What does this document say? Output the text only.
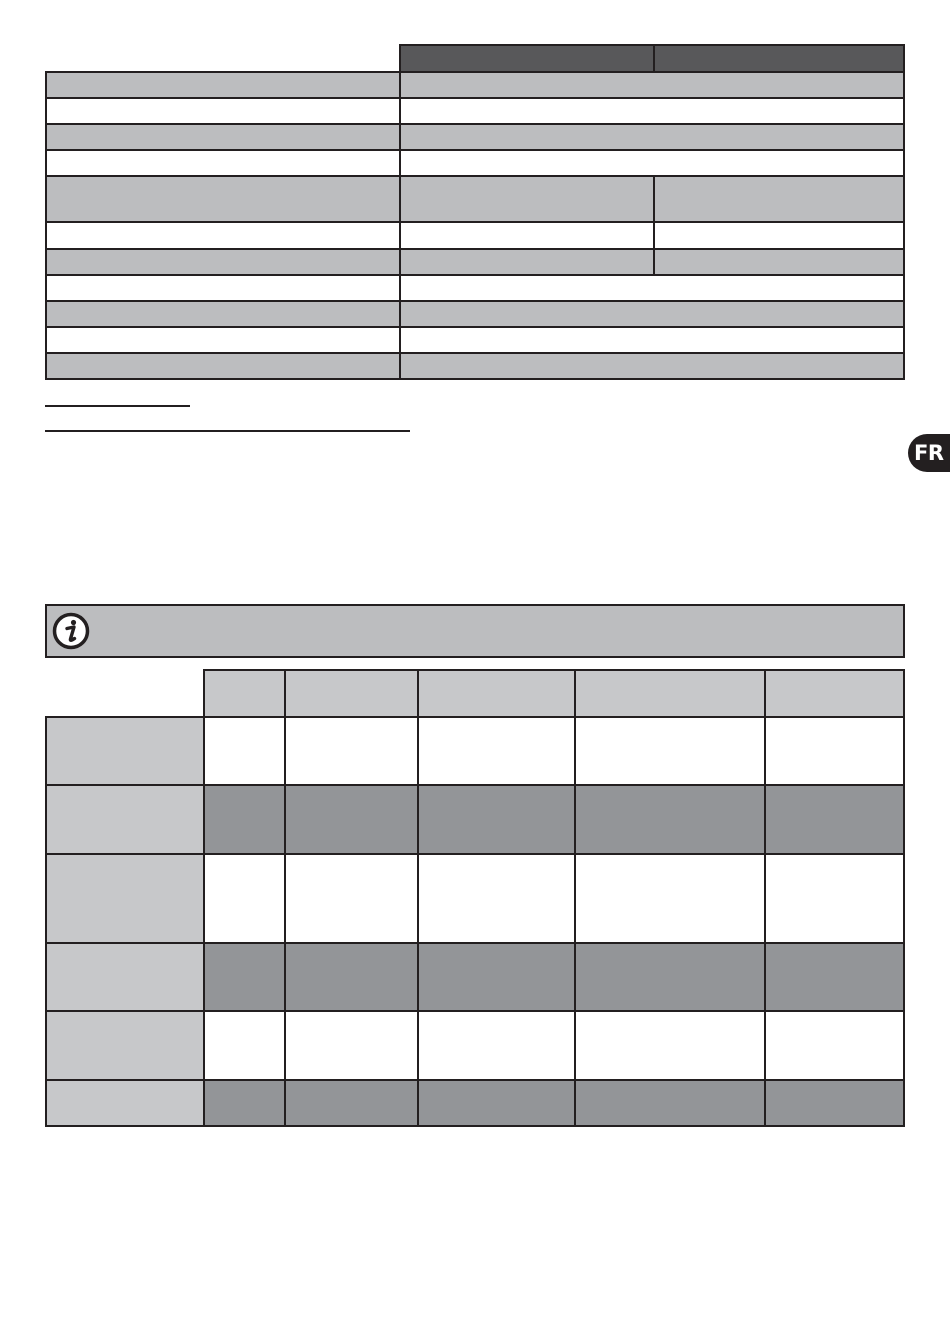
FR
